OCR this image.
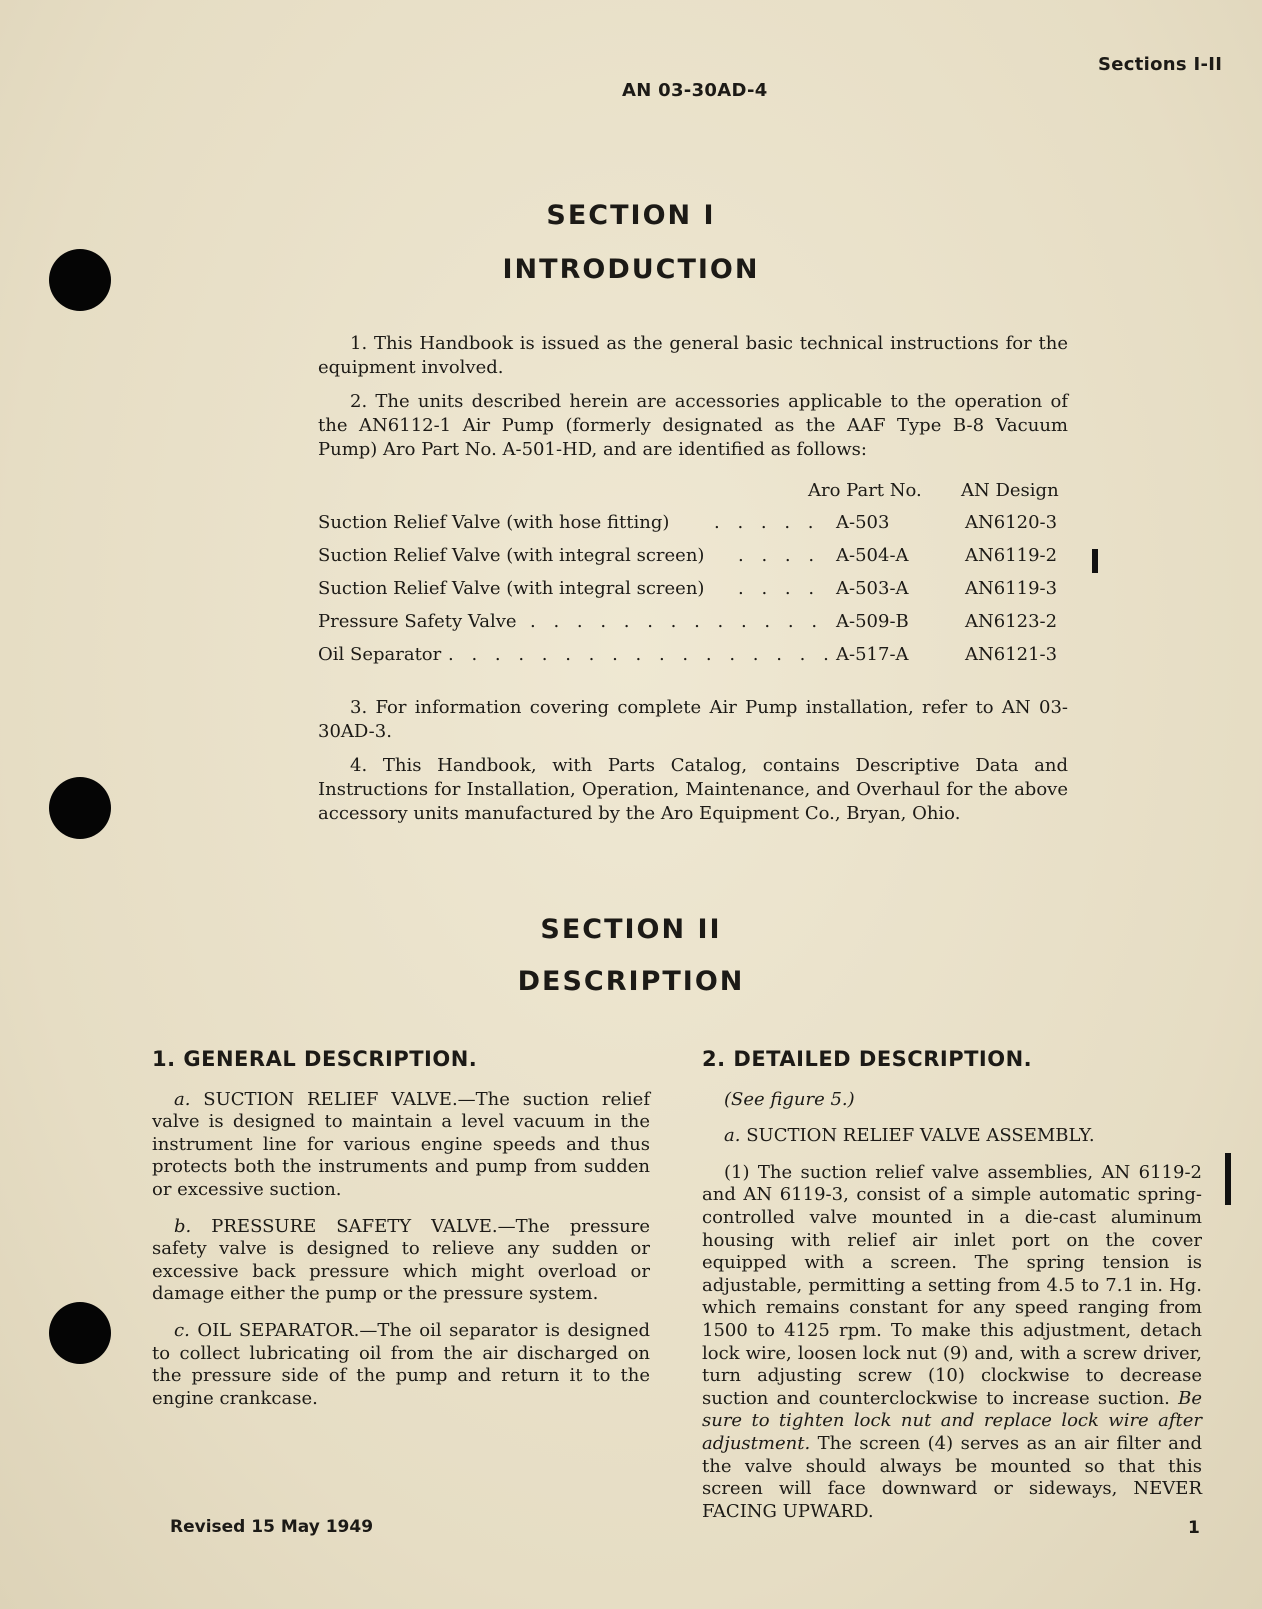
Sections I-II
AN 03-30AD-4
SECTION I
INTRODUCTION

1. This Handbook is issued as the general basic technical instructions for the equipment involved.

2. The units described herein are accessories applicable to the operation of the AN6112-1 Air Pump (formerly designated as the AAF Type B-8 Vacuum Pump) Aro Part No. A-501-HD, and are identified as follows:

Aro Part No. AN Design
Suction Relief Valve (with hose fitting) . . . . . A-503	AN6120-3
Suction Relief Valve (with integral screen) . . . . A-504-A	AN6119-2
Suction Relief Valve (with integral screen) . . . . A-503-A	AN6119-3
Pressure Safety Valve . . . . . . . . . . . . . A-509-B	AN6123-2
Oil Separator . . . . . . . . . . . . . . . . . A-517-A	AN6121-3

3. For information covering complete Air Pump installation, refer to AN 03-30AD-3.

4. This Handbook, with Parts Catalog, contains Descriptive Data and Instructions for Installation, Operation, Maintenance, and Overhaul for the above accessory units manufactured by the Aro Equipment Co., Bryan, Ohio.

SECTION II
DESCRIPTION
1. GENERAL DESCRIPTION.

a. SUCTION RELIEF VALVE.—The suction relief valve is designed to maintain a level vacuum in the instrument line for various engine speeds and thus protects both the instruments and pump from sudden or excessive suction.

b. PRESSURE SAFETY VALVE.—The pressure safety valve is designed to relieve any sudden or excessive back pressure which might overload or damage either the pump or the pressure system.

c. OIL SEPARATOR.—The oil separator is designed to collect lubricating oil from the air discharged on the pressure side of the pump and return it to the engine crankcase.

2. DETAILED DESCRIPTION.

(See figure 5.)

a. SUCTION RELIEF VALVE ASSEMBLY.

(1) The suction relief valve assemblies, AN 6119-2 and AN 6119-3, consist of a simple automatic spring-controlled valve mounted in a die-cast aluminum housing with relief air inlet port on the cover equipped with a screen. The spring tension is adjustable, permitting a setting from 4.5 to 7.1 in. Hg. which remains constant for any speed ranging from 1500 to 4125 rpm. To make this adjustment, detach lock wire, loosen lock nut (9) and, with a screw driver, turn adjusting screw (10) clockwise to decrease suction and counterclockwise to increase suction. Be sure to tighten lock nut and replace lock wire after adjustment. The screen (4) serves as an air filter and the valve should always be mounted so that this screen will face downward or sideways, NEVER FACING UPWARD.

Revised 15 May 1949	1
